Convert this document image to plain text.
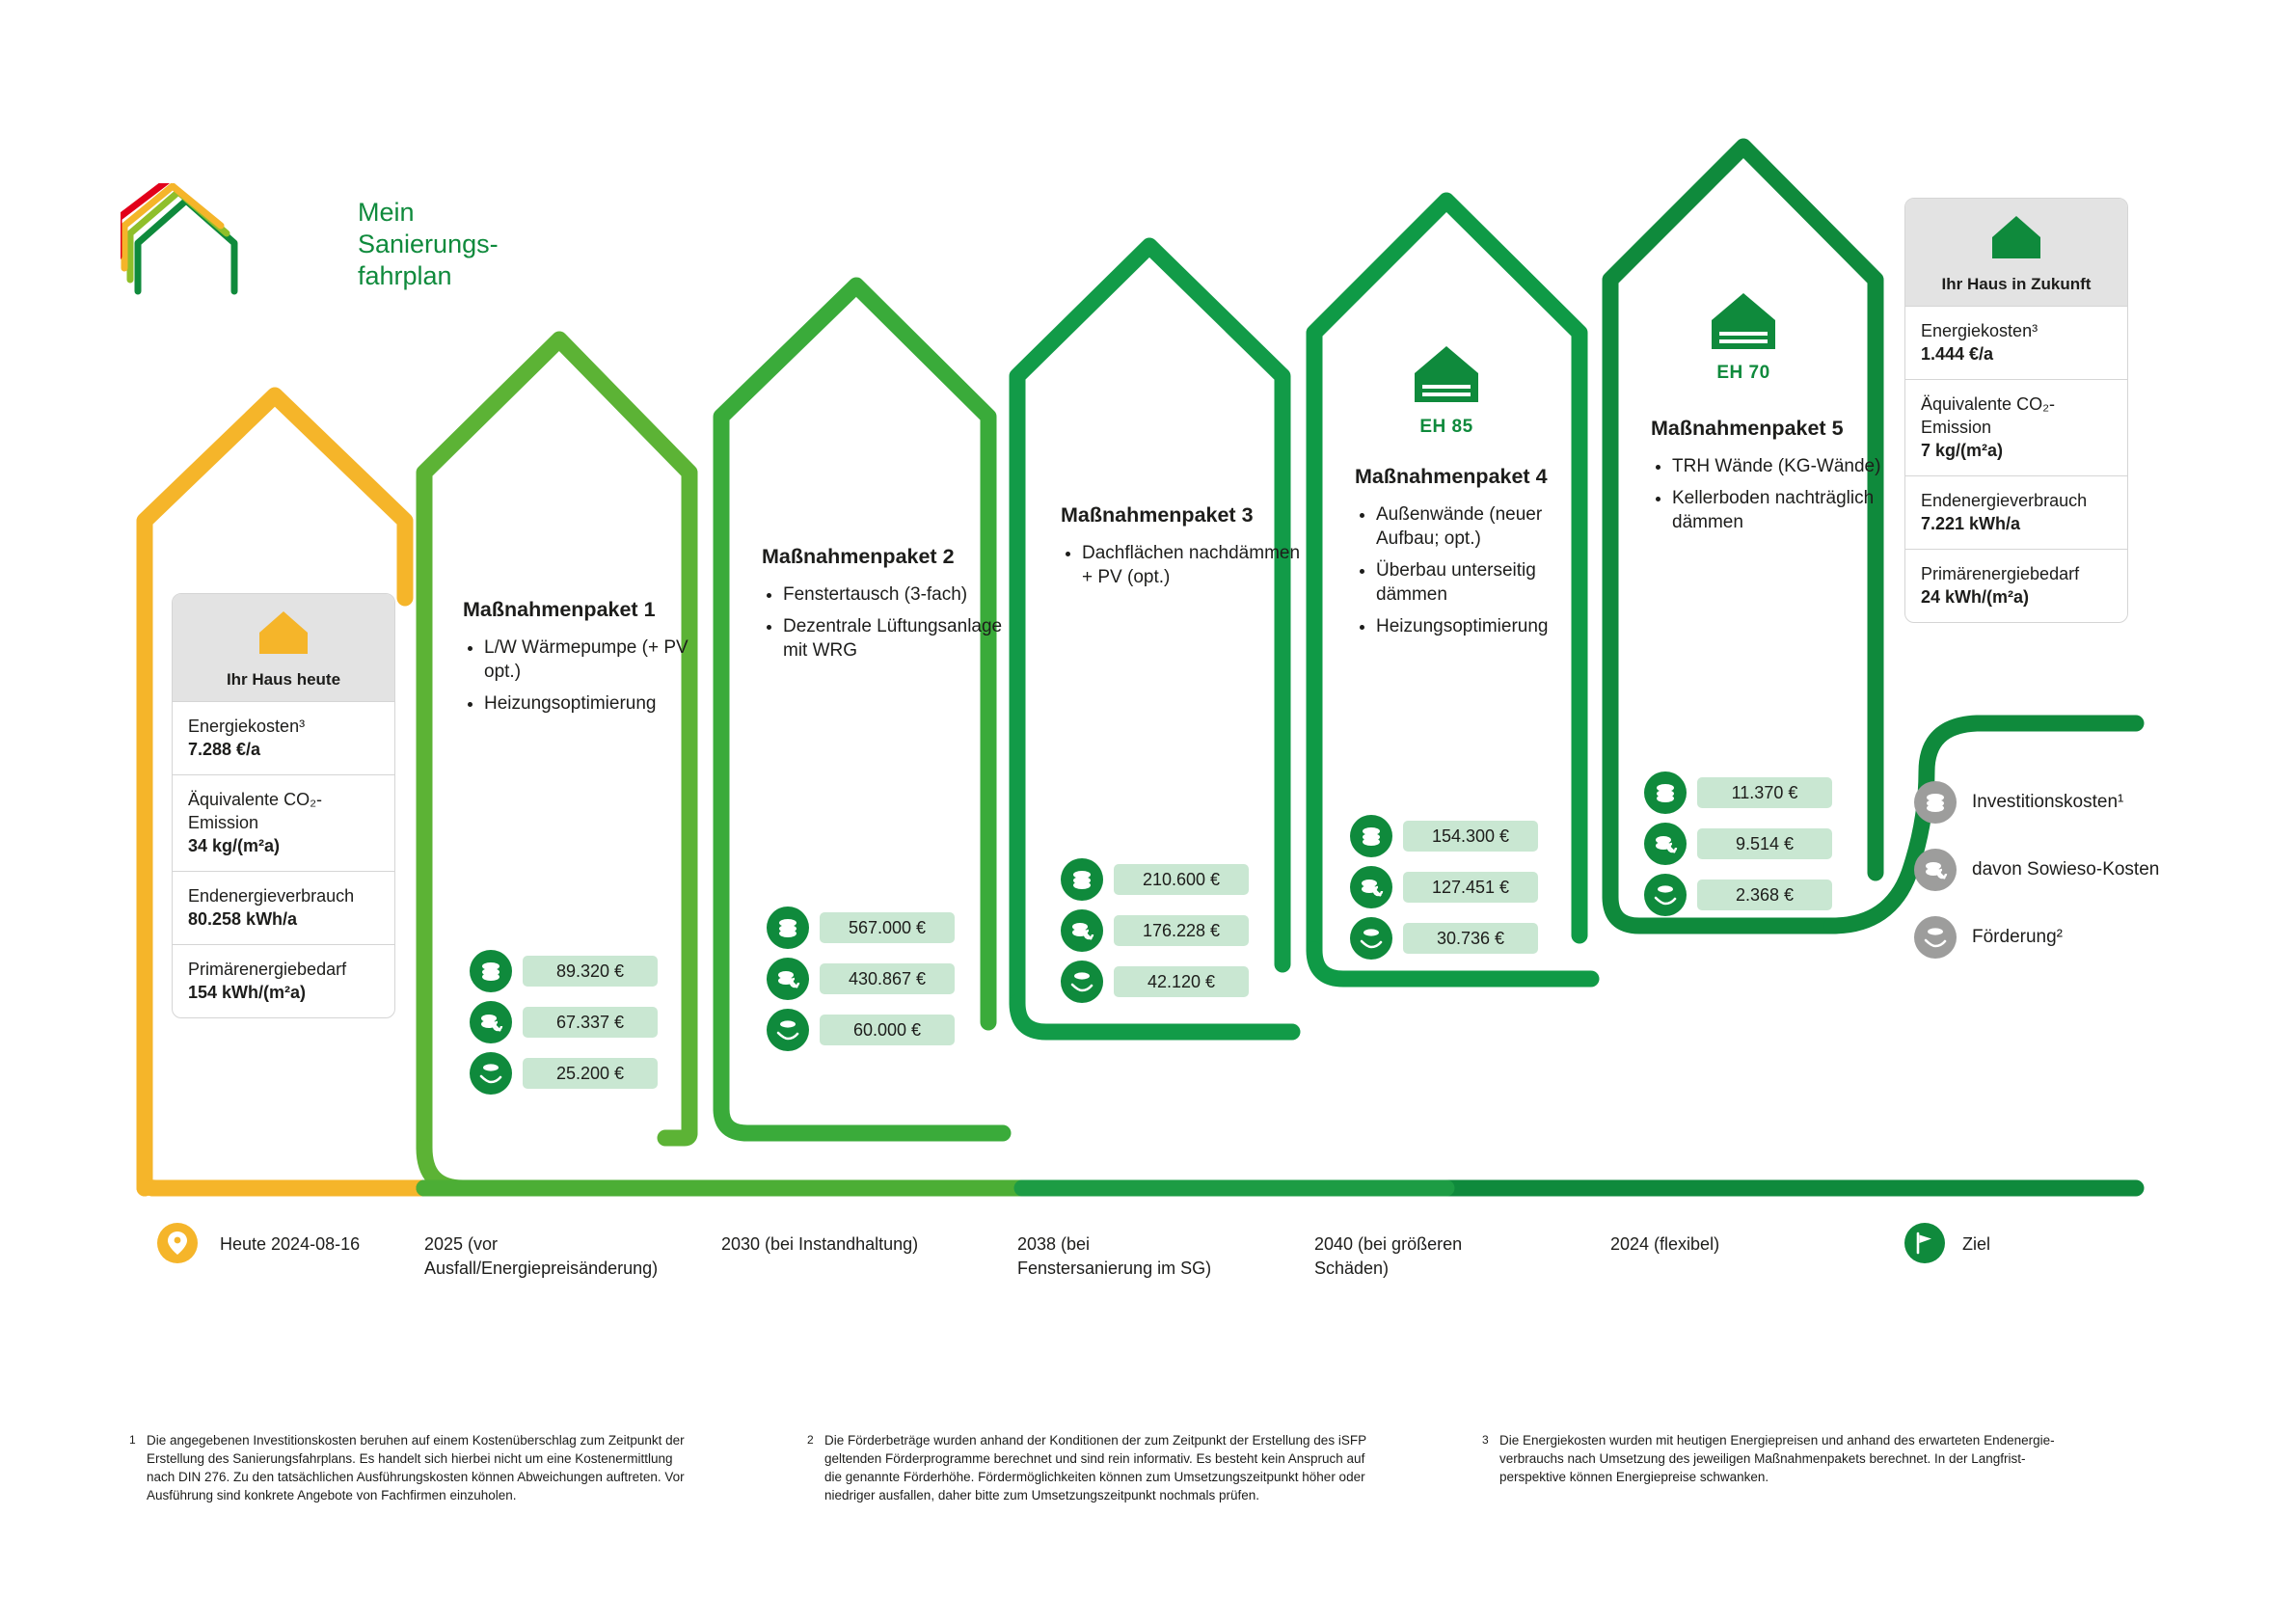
Mein
Sanierungs-
fahrplan
Ihr Haus heute
Energiekosten³
7.288 €/a
Äquivalente CO₂-Emission
34 kg/(m²a)
Endenergieverbrauch
80.258 kWh/a
Primärenergiebedarf
154 kWh/(m²a)
Ihr Haus in Zukunft
Energiekosten³
1.444 €/a
Äquivalente CO₂-Emission
7 kg/(m²a)
Endenergieverbrauch
7.221 kWh/a
Primärenergiebedarf
24 kWh/(m²a)
Maßnahmenpaket 1
• L/W Wärmepumpe (+ PV opt.)
• Heizungsoptimierung
89.320 €
67.337 €
25.200 €
Maßnahmenpaket 2
• Fenstertausch (3-fach)
• Dezentrale Lüftungsanlage mit WRG
567.000 €
430.867 €
60.000 €
Maßnahmenpaket 3
• Dachflächen nachdämmen + PV (opt.)
210.600 €
176.228 €
42.120 €
EH 85
Maßnahmenpaket 4
• Außenwände (neuer Aufbau; opt.)
• Überbau unterseitig dämmen
• Heizungsoptimierung
154.300 €
127.451 €
30.736 €
EH 70
Maßnahmenpaket 5
• TRH Wände (KG-Wände)
• Kellerboden nachträglich dämmen
11.370 €
9.514 €
2.368 €
Investitionskosten¹
davon Sowieso-Kosten
Förderung²
Heute 2024-08-16	2025 (vor Ausfall/Energiepreisänderung)
2030 (bei Instandhaltung)	2038 (bei Fenstersanierung im SG)
2040 (bei größeren Schäden)
2024 (flexibel)	Ziel
1 Die angegebenen Investitionskosten beruhen auf einem Kostenüberschlag zum Zeitpunkt der Erstellung des Sanierungsfahrplans. Es handelt sich hierbei nicht um eine Kostenermittlung nach DIN 276. Zu den tatsächlichen Ausführungskosten können Abweichungen auftreten. Vor Ausführung sind konkrete Angebote von Fachfirmen einzuholen.
2 Die Förderbeträge wurden anhand der Konditionen der zum Zeitpunkt der Erstellung des iSFP geltenden Förderprogramme berechnet und sind rein informativ. Es besteht kein Anspruch auf die genannte Förderhöhe. Fördermöglichkeiten können zum Umsetzungszeitpunkt höher oder niedriger ausfallen, daher bitte zum Umsetzungszeitpunkt nochmals prüfen.
3 Die Energiekosten wurden mit heutigen Energiepreisen und anhand des erwarteten Endenergie-verbrauchs nach Umsetzung des jeweiligen Maßnahmenpakets berechnet. In der Langfrist-perspektive können Energiepreise schwanken.
